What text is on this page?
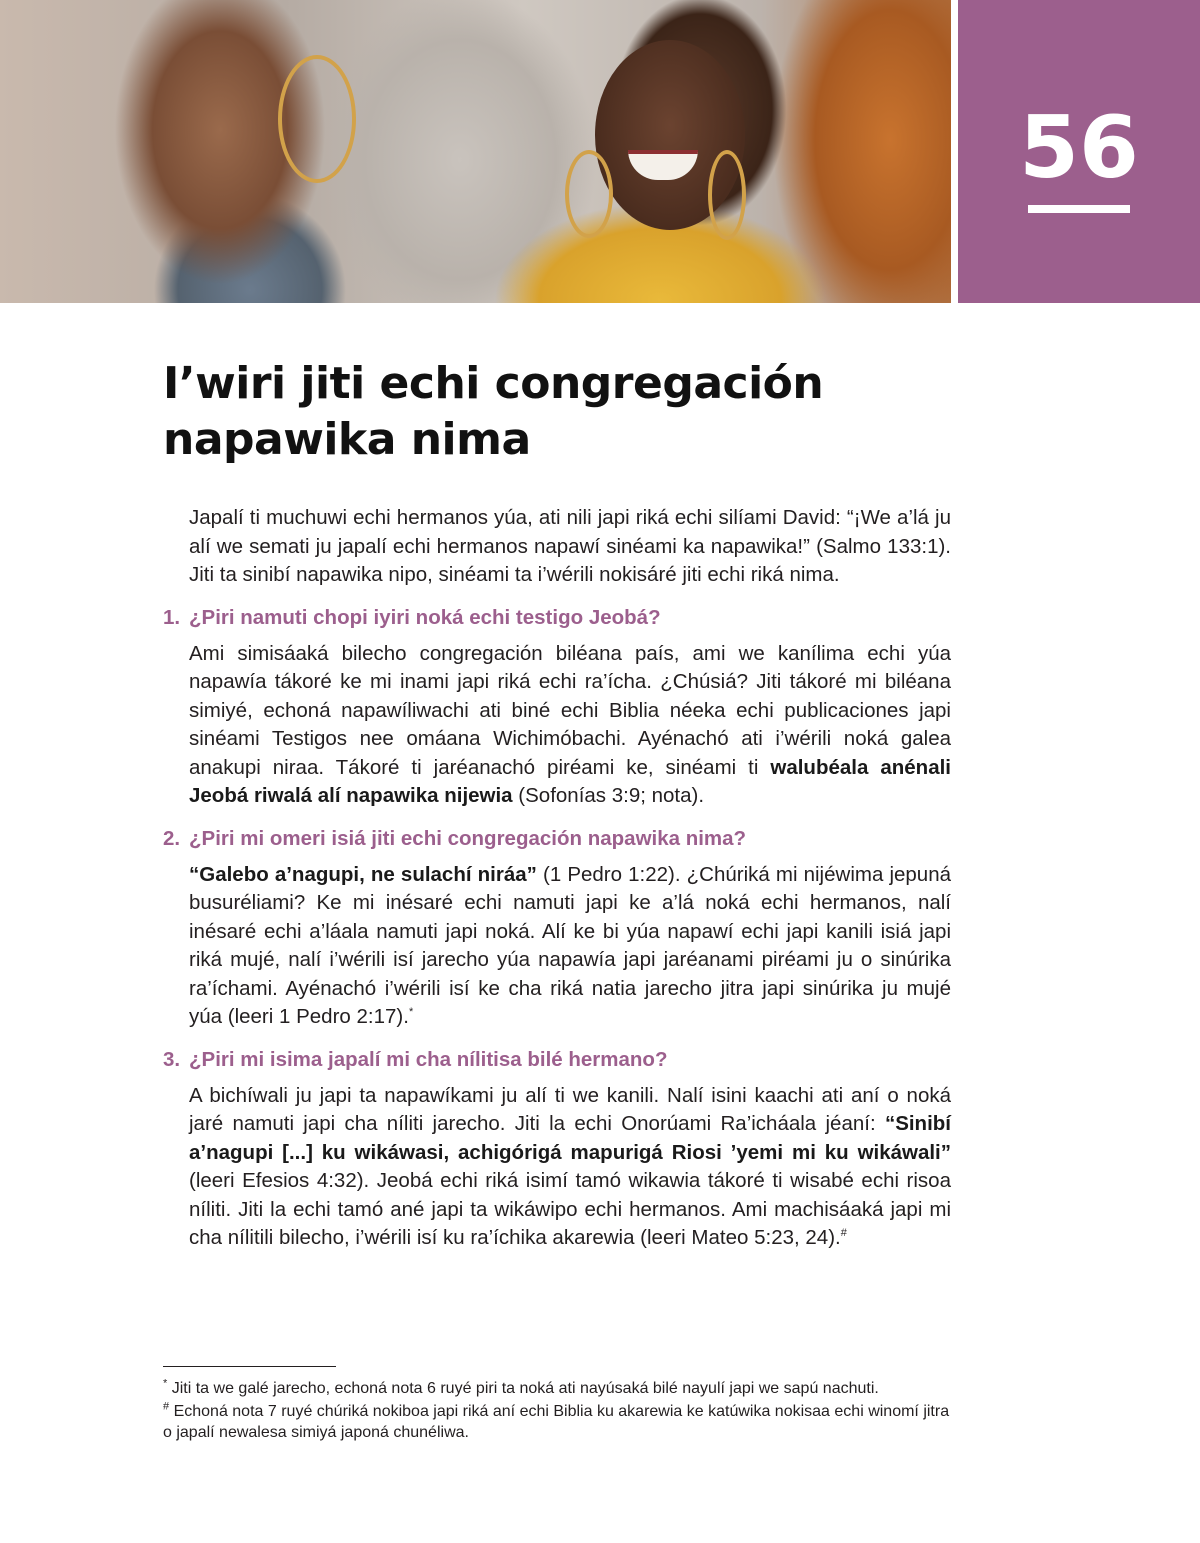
56
I’wiri jiti echi congregación
napawika nima

Japalí ti muchuwi echi hermanos yúa, ati nili japi riká echi silíami David: “¡We a’lá ju alí we semati ju japalí echi hermanos napawí sinéami ka napawika!” (Salmo 133:1). Jiti ta sinibí napawika nipo, sinéami ta i’wérili nokisáré jiti echi riká nima.

1. ¿Piri namuti chopi iyiri noká echi testigo Jeobá?

Ami simisáaká bilecho congregación biléana país, ami we kanílima echi yúa napawía tákoré ke mi inami japi riká echi ra’ícha. ¿Chúsiá? Jiti tákoré mi biléana simiyé, echoná napawíliwachi ati biné echi Biblia néeka echi publicaciones japi sinéami Testigos nee omáana Wichimóbachi. Ayénachó ati i’wérili noká galea anakupi niraa. Tákoré ti jaréanachó piréami ke, sinéami ti walubéala anénali Jeobá riwalá alí napawika nijewia (Sofonías 3:9; nota).

2. ¿Piri mi omeri isiá jiti echi congregación napawika nima?

“Galebo a’nagupi, ne sulachí niráa” (1 Pedro 1:22). ¿Chúriká mi nijéwima jepuná busuréliami? Ke mi inésaré echi namuti japi ke a’lá noká echi hermanos, nalí inésaré echi a’láala namuti japi noká. Alí ke bi yúa napawí echi japi kanili isiá japi riká mujé, nalí i’wérili isí jarecho yúa napawía japi jaréanami piréami ju o sinúrika ra’íchami. Ayénachó i’wérili isí ke cha riká natia jarecho jitra japi sinúrika ju mujé yúa (leeri 1 Pedro 2:17).*

3. ¿Piri mi isima japalí mi cha nílitisa bilé hermano?

A bichíwali ju japi ta napawíkami ju alí ti we kanili. Nalí isini kaachi ati aní o noká jaré namuti japi cha níliti jarecho. Jiti la echi Onorúami Ra’icháala jéaní: “Sinibí a’nagupi [...] ku wikáwasi, achigórigá mapurigá Riosi ’yemi mi ku wikáwali” (leeri Efesios 4:32). Jeobá echi riká isimí tamó wikawia tákoré ti wisabé echi risoa níliti. Jiti la echi tamó ané japi ta wikáwipo echi hermanos. Ami machisáaká japi mi cha nílitili bilecho, i’wérili isí ku ra’íchika akarewia (leeri Mateo 5:23, 24).#

* Jiti ta we galé jarecho, echoná nota 6 ruyé piri ta noká ati nayúsaká bilé nayulí japi we sapú nachuti.

# Echoná nota 7 ruyé chúriká nokiboa japi riká aní echi Biblia ku akarewia ke katúwika nokisaa echi winomí jitra o japalí newalesa simiyá japoná chunéliwa.
